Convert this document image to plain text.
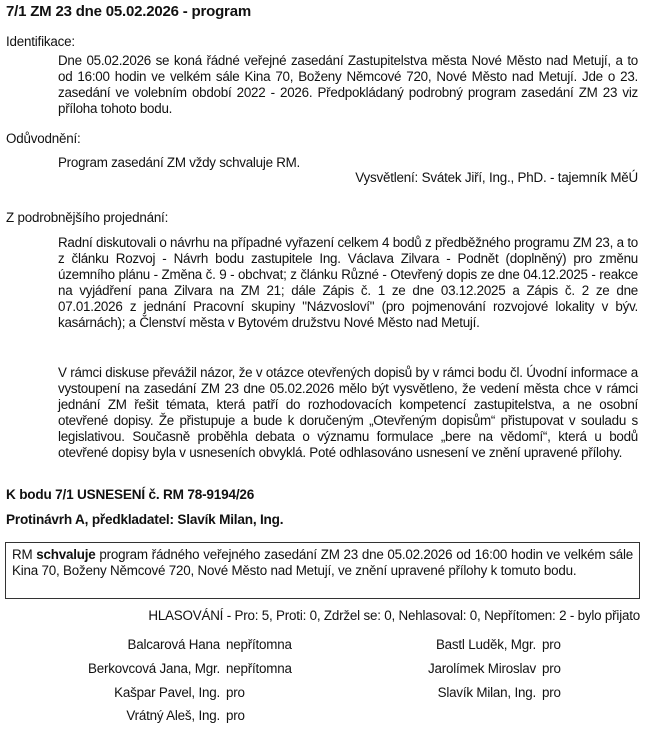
7/1 ZM 23 dne 05.02.2026 - program
Identifikace:
Dne 05.02.2026 se koná řádné veřejné zasedání Zastupitelstva města Nové Město nad Metují, a to od 16:00 hodin ve velkém sále Kina 70, Boženy Němcové 720, Nové Město nad Metují. Jde o 23. zasedání ve volebním období 2022 - 2026. Předpokládaný podrobný program zasedání ZM 23 viz příloha tohoto bodu.
Odůvodnění:
Program zasedání ZM vždy schvaluje RM.
Vysvětlení: Svátek Jiří, Ing., PhD. - tajemník MěÚ
Z podrobnějšího projednání:
Radní diskutovali o návrhu na případné vyřazení celkem 4 bodů z předběžného programu ZM 23, a to z článku Rozvoj - Návrh bodu zastupitele Ing. Václava Zilvara - Podnět (doplněný) pro změnu územního plánu - Změna č. 9 - obchvat; z článku Různé - Otevřený dopis ze dne 04.12.2025 - reakce na vyjádření pana Zilvara na ZM 21; dále Zápis č. 1 ze dne 03.12.2025 a Zápis č. 2 ze dne 07.01.2026 z jednání Pracovní skupiny "Názvosloví" (pro pojmenování rozvojové lokality v býv. kasárnách); a Členství města v Bytovém družstvu Nové Město nad Metují.
V rámci diskuse převážil názor, že v otázce otevřených dopisů by v rámci bodu čl. Úvodní informace a vystoupení na zasedání ZM 23 dne 05.02.2026 mělo být vysvětleno, že vedení města chce v rámci jednání ZM řešit témata, která patří do rozhodovacích kompetencí zastupitelstva, a ne osobní otevřené dopisy. Že přistupuje a bude k doručeným „Otevřeným dopisům“ přistupovat v souladu s legislativou. Současně proběhla debata o významu formulace „bere na vědomí“, která u bodů otevřené dopisy byla v usneseních obvyklá. Poté odhlasováno usnesení ve znění upravené přílohy.
K bodu 7/1 USNESENÍ č. RM 78-9194/26
Protinávrh A, předkladatel: Slavík Milan, Ing.
RM schvaluje program řádného veřejného zasedání ZM 23 dne 05.02.2026 od 16:00 hodin ve velkém sále Kina 70, Boženy Němcové 720, Nové Město nad Metují, ve znění upravené přílohy k tomuto bodu.
HLASOVÁNÍ - Pro: 5, Proti: 0, Zdržel se: 0, Nehlasoval: 0, Nepřítomen: 2 - bylo přijato
Balcarová Hana nepřítomna	Bastl Luděk, Mgr. pro
Berkovcová Jana, Mgr. nepřítomna	Jarolímek Miroslav pro
Kašpar Pavel, Ing. pro	Slavík Milan, Ing. pro
Vrátný Aleš, Ing. pro
